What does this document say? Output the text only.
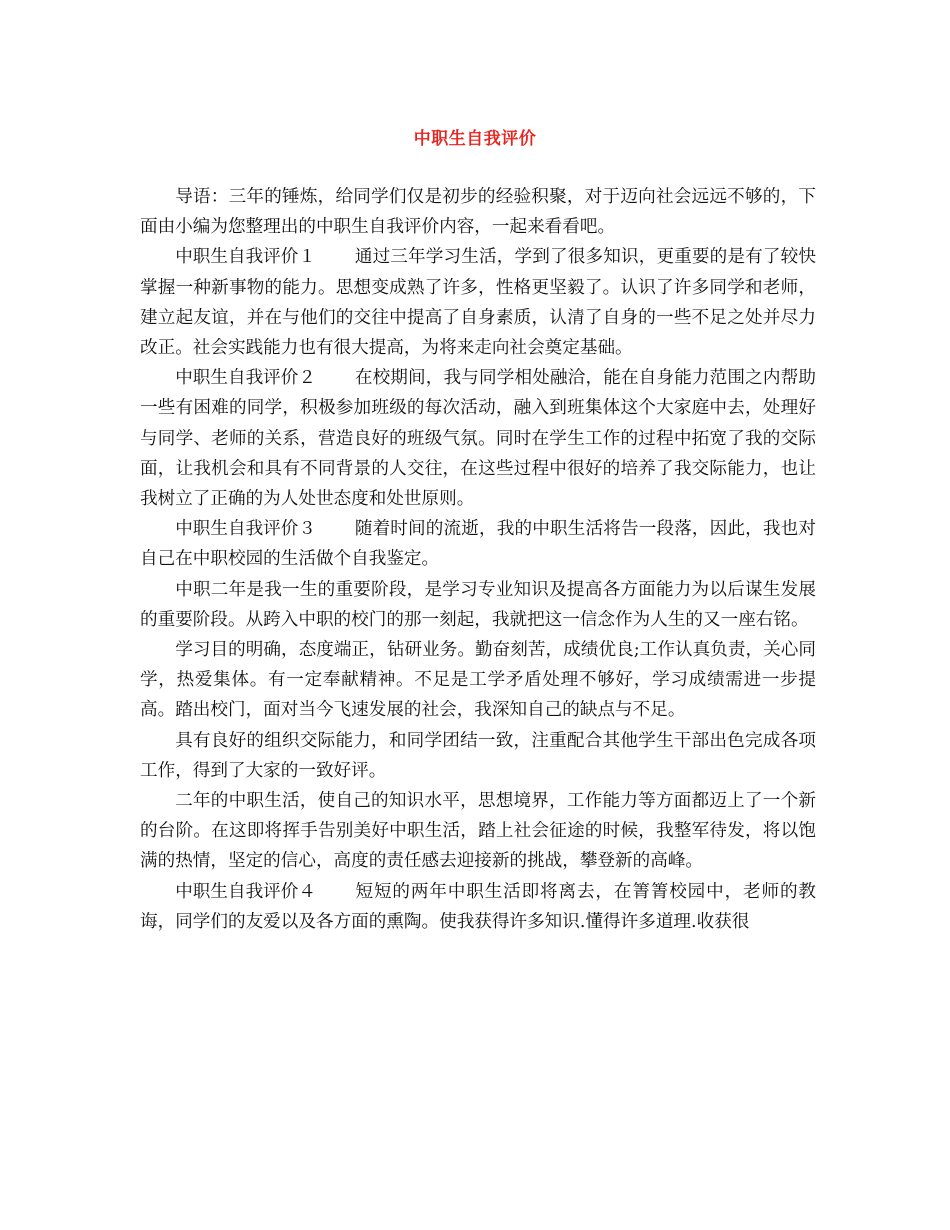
中职生自我评价

导语：三年的锤炼，给同学们仅是初步的经验积聚，对于迈向社会远远不够的，下面由小编为您整理出的中职生自我评价内容，一起来看看吧。

中职生自我评价１ 通过三年学习生活，学到了很多知识，更重要的是有了较快掌握一种新事物的能力。思想变成熟了许多，性格更坚毅了。认识了许多同学和老师，建立起友谊，并在与他们的交往中提高了自身素质，认清了自身的一些不足之处并尽力改正。社会实践能力也有很大提高，为将来走向社会奠定基础。

中职生自我评价２ 在校期间，我与同学相处融洽，能在自身能力范围之内帮助一些有困难的同学，积极参加班级的每次活动，融入到班集体这个大家庭中去，处理好与同学、老师的关系，营造良好的班级气氛。同时在学生工作的过程中拓宽了我的交际面，让我机会和具有不同背景的人交往，在这些过程中很好的培养了我交际能力，也让我树立了正确的为人处世态度和处世原则。

中职生自我评价３ 随着时间的流逝，我的中职生活将告一段落，因此，我也对自己在中职校园的生活做个自我鉴定。

中职二年是我一生的重要阶段，是学习专业知识及提高各方面能力为以后谋生发展的重要阶段。从跨入中职的校门的那一刻起，我就把这一信念作为人生的又一座右铭。

学习目的明确，态度端正，钻研业务。勤奋刻苦，成绩优良;工作认真负责，关心同学，热爱集体。有一定奉献精神。不足是工学矛盾处理不够好，学习成绩需进一步提高。踏出校门，面对当今飞速发展的社会，我深知自己的缺点与不足。

具有良好的组织交际能力，和同学团结一致，注重配合其他学生干部出色完成各项工作，得到了大家的一致好评。

二年的中职生活，使自己的知识水平，思想境界，工作能力等方面都迈上了一个新的台阶。在这即将挥手告别美好中职生活，踏上社会征途的时候，我整军待发，将以饱满的热情，坚定的信心，高度的责任感去迎接新的挑战，攀登新的高峰。

中职生自我评价４ 短短的两年中职生活即将离去，在箐箐校园中，老师的教诲，同学们的友爱以及各方面的熏陶。使我获得许多知识.懂得许多道理.收获很
